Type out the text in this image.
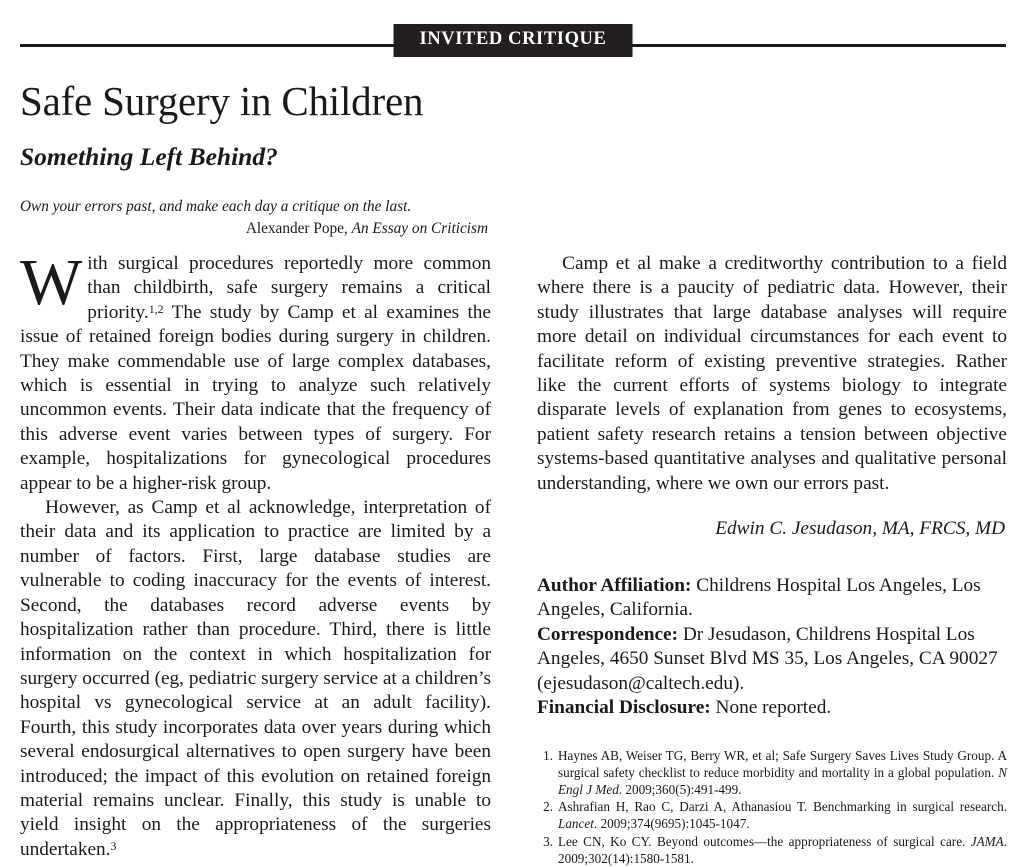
INVITED CRITIQUE
Safe Surgery in Children
Something Left Behind?
Own your errors past, and make each day a critique on the last.
Alexander Pope, An Essay on Criticism

With surgical procedures reportedly more common than childbirth, safe surgery remains a critical priority.$^{1,2}$ The study by Camp et al examines the issue of retained foreign bodies during surgery in children. They make commendable use of large complex databases, which is essential in trying to analyze such relatively uncommon events. Their data indicate that the frequency of this adverse event varies between types of surgery. For example, hospitalizations for gynecological procedures appear to be a higher-risk group.

However, as Camp et al acknowledge, interpretation of their data and its application to practice are limited by a number of factors. First, large database studies are vulnerable to coding inaccuracy for the events of interest. Second, the databases record adverse events by hospitalization rather than procedure. Third, there is little information on the context in which hospitalization for surgery occurred (eg, pediatric surgery service at a children’s hospital vs gynecological service at an adult facility). Fourth, this study incorporates data over years during which several endosurgical alternatives to open surgery have been introduced; the impact of this evolution on retained foreign material remains unclear. Finally, this study is unable to yield insight on the appropriateness of the surgeries undertaken.$^3$

Camp et al make a creditworthy contribution to a field where there is a paucity of pediatric data. However, their study illustrates that large database analyses will require more detail on individual circumstances for each event to facilitate reform of existing preventive strategies. Rather like the current efforts of systems biology to integrate disparate levels of explanation from genes to ecosystems, patient safety research retains a tension between objective systems-based quantitative analyses and qualitative personal understanding, where we own our errors past.

Edwin C. Jesudason, MA, FRCS, MD

Author Affiliation: Childrens Hospital Los Angeles, Los Angeles, California.

Correspondence: Dr Jesudason, Childrens Hospital Los Angeles, 4650 Sunset Blvd MS 35, Los Angeles, CA 90027 (ejesudason@caltech.edu).

Financial Disclosure: None reported.

1. Haynes AB, Weiser TG, Berry WR, et al; Safe Surgery Saves Lives Study Group. A surgical safety checklist to reduce morbidity and mortality in a global population. N Engl J Med. 2009;360(5):491-499.
2. Ashrafian H, Rao C, Darzi A, Athanasiou T. Benchmarking in surgical research. Lancet. 2009;374(9695):1045-1047.
3. Lee CN, Ko CY. Beyond outcomes—the appropriateness of surgical care. JAMA. 2009;302(14):1580-1581.
